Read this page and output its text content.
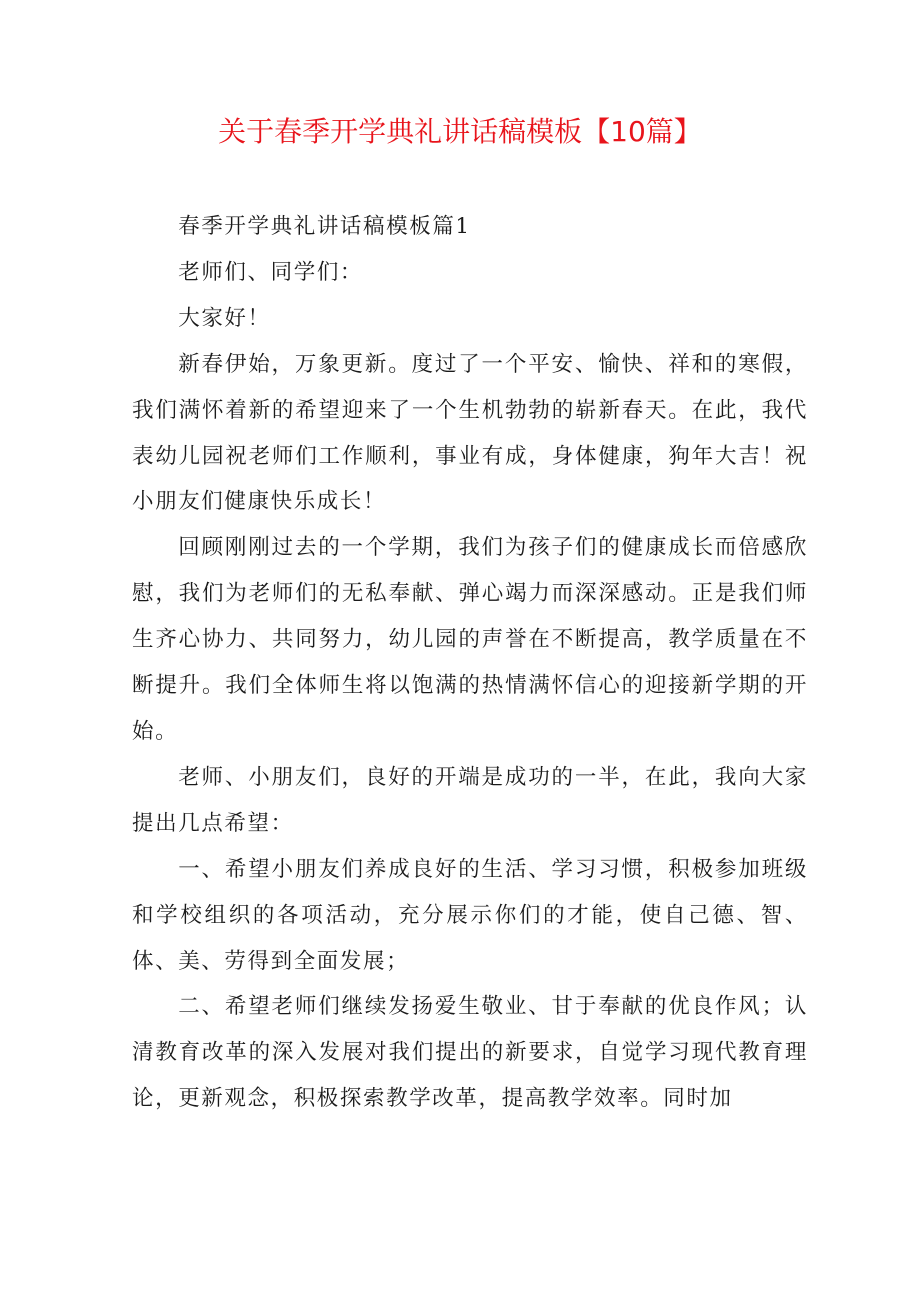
关于春季开学典礼讲话稿模板【10篇】

春季开学典礼讲话稿模板篇1

老师们、同学们：

大家好！

新春伊始，万象更新。度过了一个平安、愉快、祥和的寒假，我们满怀着新的希望迎来了一个生机勃勃的崭新春天。在此，我代表幼儿园祝老师们工作顺利，事业有成，身体健康，狗年大吉！祝小朋友们健康快乐成长！

回顾刚刚过去的一个学期，我们为孩子们的健康成长而倍感欣慰，我们为老师们的无私奉献、弹心竭力而深深感动。正是我们师生齐心协力、共同努力，幼儿园的声誉在不断提高，教学质量在不断提升。我们全体师生将以饱满的热情满怀信心的迎接新学期的开始。

老师、小朋友们，良好的开端是成功的一半，在此，我向大家提出几点希望：

一、希望小朋友们养成良好的生活、学习习惯，积极参加班级和学校组织的各项活动，充分展示你们的才能，使自己德、智、体、美、劳得到全面发展；

二、希望老师们继续发扬爱生敬业、甘于奉献的优良作风；认清教育改革的深入发展对我们提出的新要求，自觉学习现代教育理论，更新观念，积极探索教学改革，提高教学效率。同时加
